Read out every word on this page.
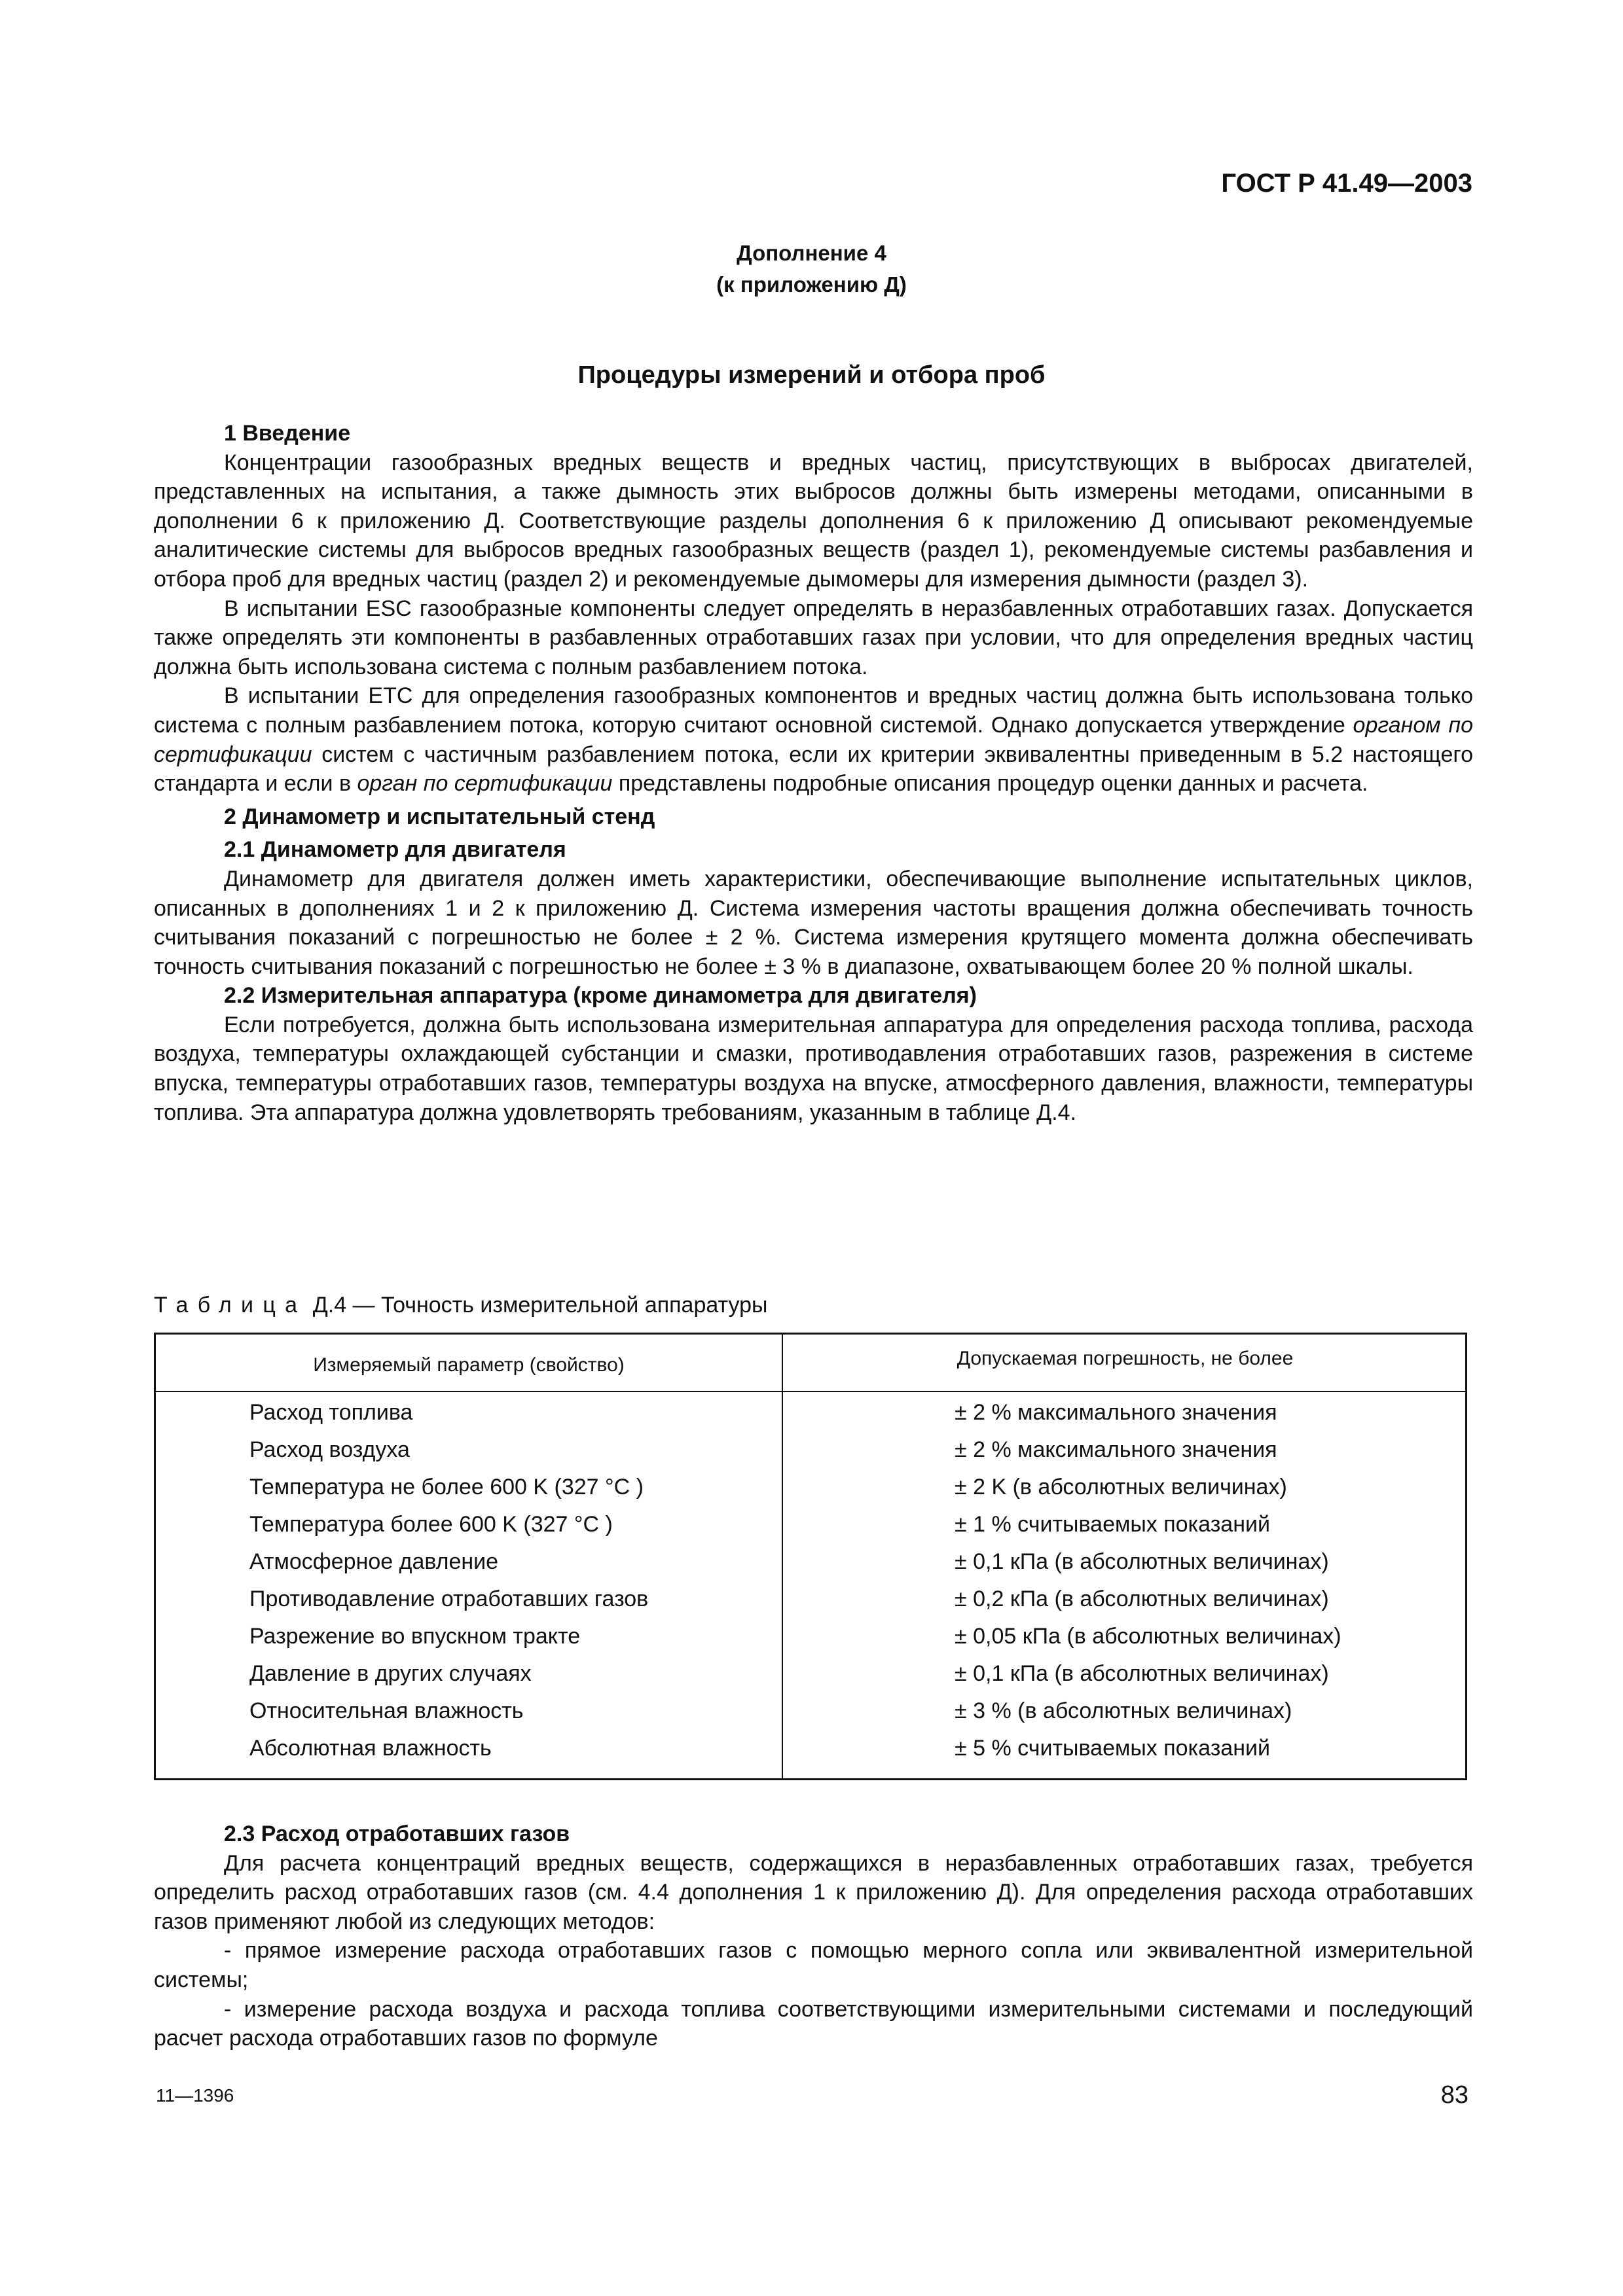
ГОСТ Р 41.49—2003
Дополнение 4
(к приложению Д)
Процедуры измерений и отбора проб

1 Введение

Концентрации газообразных вредных веществ и вредных частиц, присутствующих в выбросах двигателей, представленных на испытания, а также дымность этих выбросов должны быть измерены методами, описанными в дополнении 6 к приложению Д. Соответствующие разделы дополнения 6 к приложению Д описывают рекомендуемые аналитические системы для выбросов вредных газообразных веществ (раздел 1), рекомендуемые системы разбавления и отбора проб для вредных частиц (раздел 2) и рекомендуемые дымомеры для измерения дымности (раздел 3).

В испытании ESC газообразные компоненты следует определять в неразбавленных отработавших газах. Допускается также определять эти компоненты в разбавленных отработавших газах при условии, что для определения вредных частиц должна быть использована система с полным разбавлением потока.

В испытании ETC для определения газообразных компонентов и вредных частиц должна быть использована только система с полным разбавлением потока, которую считают основной системой. Однако допускается утверждение органом по сертификации систем с частичным разбавлением потока, если их критерии эквивалентны приведенным в 5.2 настоящего стандарта и если в орган по сертификации представлены подробные описания процедур оценки данных и расчета.

2 Динамометр и испытательный стенд

2.1 Динамометр для двигателя

Динамометр для двигателя должен иметь характеристики, обеспечивающие выполнение испытательных циклов, описанных в дополнениях 1 и 2 к приложению Д. Система измерения частоты вращения должна обеспечивать точность считывания показаний с погрешностью не более ± 2 %. Система измерения крутящего момента должна обеспечивать точность считывания показаний с погрешностью не более ± 3 % в диапазоне, охватывающем более 20 % полной шкалы.

2.2 Измерительная аппаратура (кроме динамометра для двигателя)

Если потребуется, должна быть использована измерительная аппаратура для определения расхода топлива, расхода воздуха, температуры охлаждающей субстанции и смазки, противодавления отработавших газов, разрежения в системе впуска, температуры отработавших газов, температуры воздуха на впуске, атмосферного давления, влажности, температуры топлива. Эта аппаратура должна удовлетворять требованиям, указанным в таблице Д.4.

Таблица Д.4 — Точность измерительной аппаратуры
Измеряемый параметр (свойство)	Допускаемая погрешность, не более
Расход топлива	± 2 % максимального значения
Расход воздуха	± 2 % максимального значения
Температура не более 600 K (327 °C )	± 2 K (в абсолютных величинах)
Температура более 600 K (327 °C )	± 1 % считываемых показаний
Атмосферное давление	± 0,1 кПа (в абсолютных величинах)
Противодавление отработавших газов	± 0,2 кПа (в абсолютных величинах)
Разрежение во впускном тракте	± 0,05 кПа (в абсолютных величинах)
Давление в других случаях	± 0,1 кПа (в абсолютных величинах)
Относительная влажность	± 3 % (в абсолютных величинах)
Абсолютная влажность	± 5 % считываемых показаний

2.3 Расход отработавших газов

Для расчета концентраций вредных веществ, содержащихся в неразбавленных отработавших газах, требуется определить расход отработавших газов (см. 4.4 дополнения 1 к приложению Д). Для определения расхода отработавших газов применяют любой из следующих методов:

- прямое измерение расхода отработавших газов с помощью мерного сопла или эквивалентной измерительной системы;

- измерение расхода воздуха и расхода топлива соответствующими измерительными системами и последующий расчет расхода отработавших газов по формуле

11—1396	83
